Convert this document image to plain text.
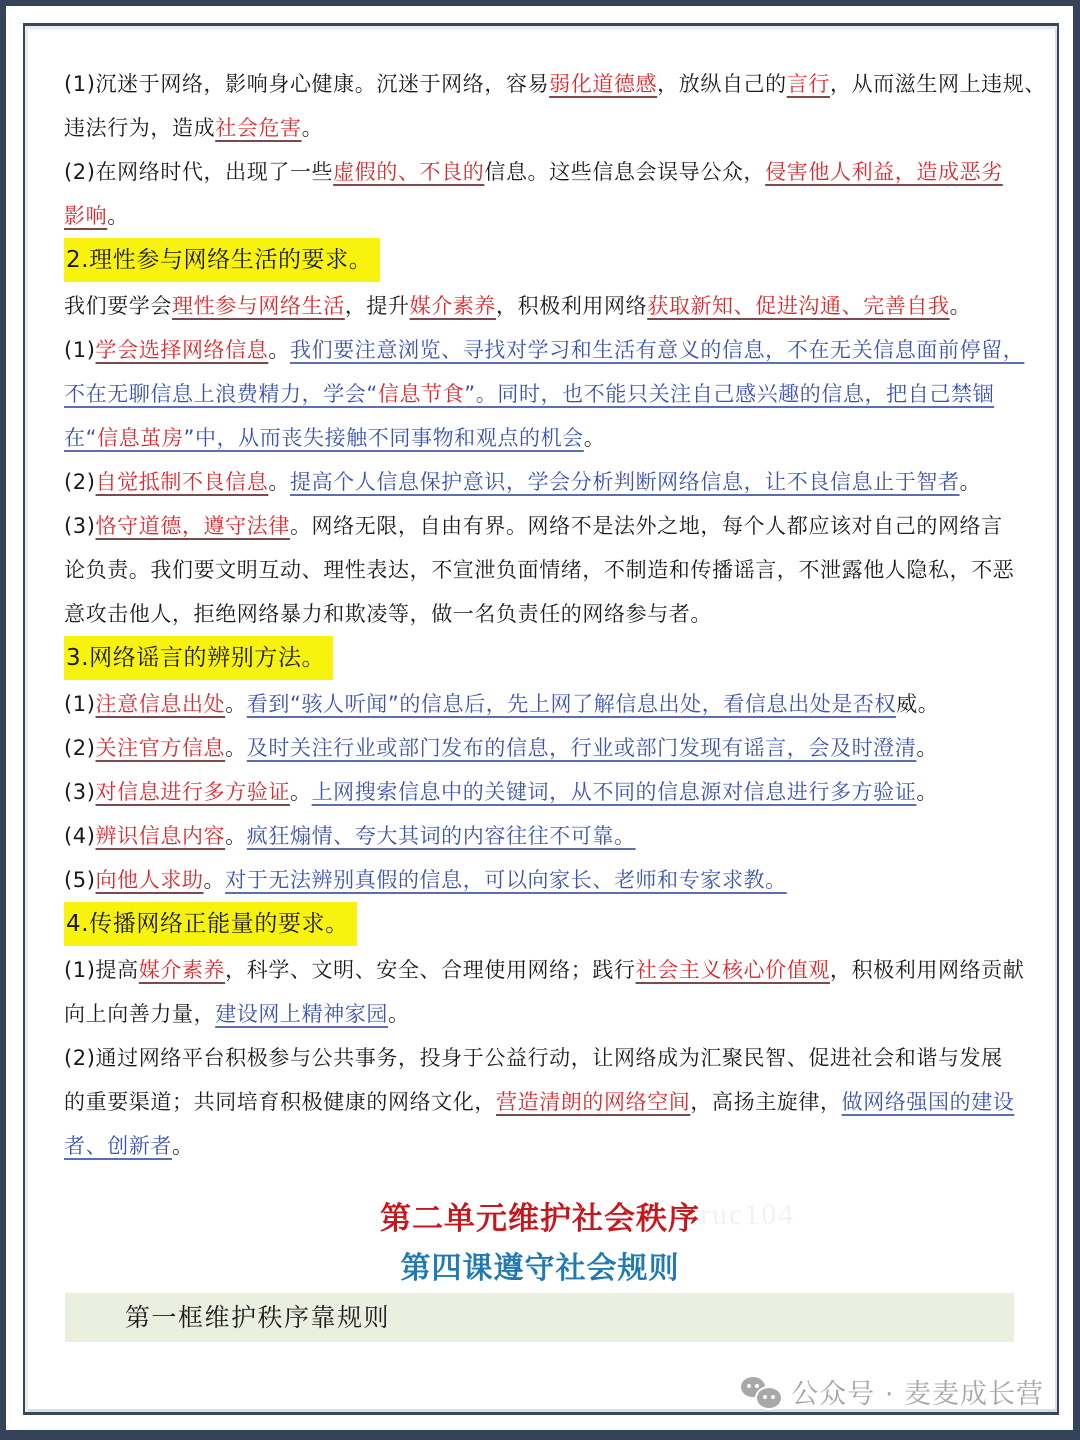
(1)沉迷于网络，影响身心健康。沉迷于网络，容易弱化道德感，放纵自己的言行，从而滋生网上违规、
违法行为，造成社会危害。
(2)在网络时代，出现了一些虚假的、不良的信息。这些信息会误导公众，侵害他人利益，造成恶劣
影响。
2.理性参与网络生活的要求。
我们要学会理性参与网络生活，提升媒介素养，积极利用网络获取新知、促进沟通、完善自我。
(1)学会选择网络信息。我们要注意浏览、寻找对学习和生活有意义的信息，不在无关信息面前停留，
不在无聊信息上浪费精力，学会“信息节食”。同时，也不能只关注自己感兴趣的信息，把自己禁锢
在“信息茧房”中，从而丧失接触不同事物和观点的机会。
(2)自觉抵制不良信息。提高个人信息保护意识，学会分析判断网络信息，让不良信息止于智者。
(3)恪守道德，遵守法律。网络无限，自由有界。网络不是法外之地，每个人都应该对自己的网络言
论负责。我们要文明互动、理性表达，不宣泄负面情绪，不制造和传播谣言，不泄露他人隐私，不恶
意攻击他人，拒绝网络暴力和欺凌等，做一名负责任的网络参与者。
3.网络谣言的辨别方法。
(1)注意信息出处。看到“骇人听闻”的信息后，先上网了解信息出处，看信息出处是否权威。
(2)关注官方信息。及时关注行业或部门发布的信息，行业或部门发现有谣言，会及时澄清。
(3)对信息进行多方验证。上网搜索信息中的关键词，从不同的信息源对信息进行多方验证。
(4)辨识信息内容。疯狂煽情、夸大其词的内容往往不可靠。
(5)向他人求助。对于无法辨别真假的信息，可以向家长、老师和专家求教。
4.传播网络正能量的要求。
(1)提高媒介素养，科学、文明、安全、合理使用网络；践行社会主义核心价值观，积极利用网络贡献
向上向善力量，建设网上精神家园。
(2)通过网络平台积极参与公共事务，投身于公益行动，让网络成为汇聚民智、促进社会和谐与发展
的重要渠道；共同培育积极健康的网络文化，营造清朗的网络空间，高扬主旋律，做网络强国的建设
者、创新者。
ruc104
第二单元维护社会秩序
第四课遵守社会规则
第一框维护秩序靠规则
公众号 · 麦麦成长营
